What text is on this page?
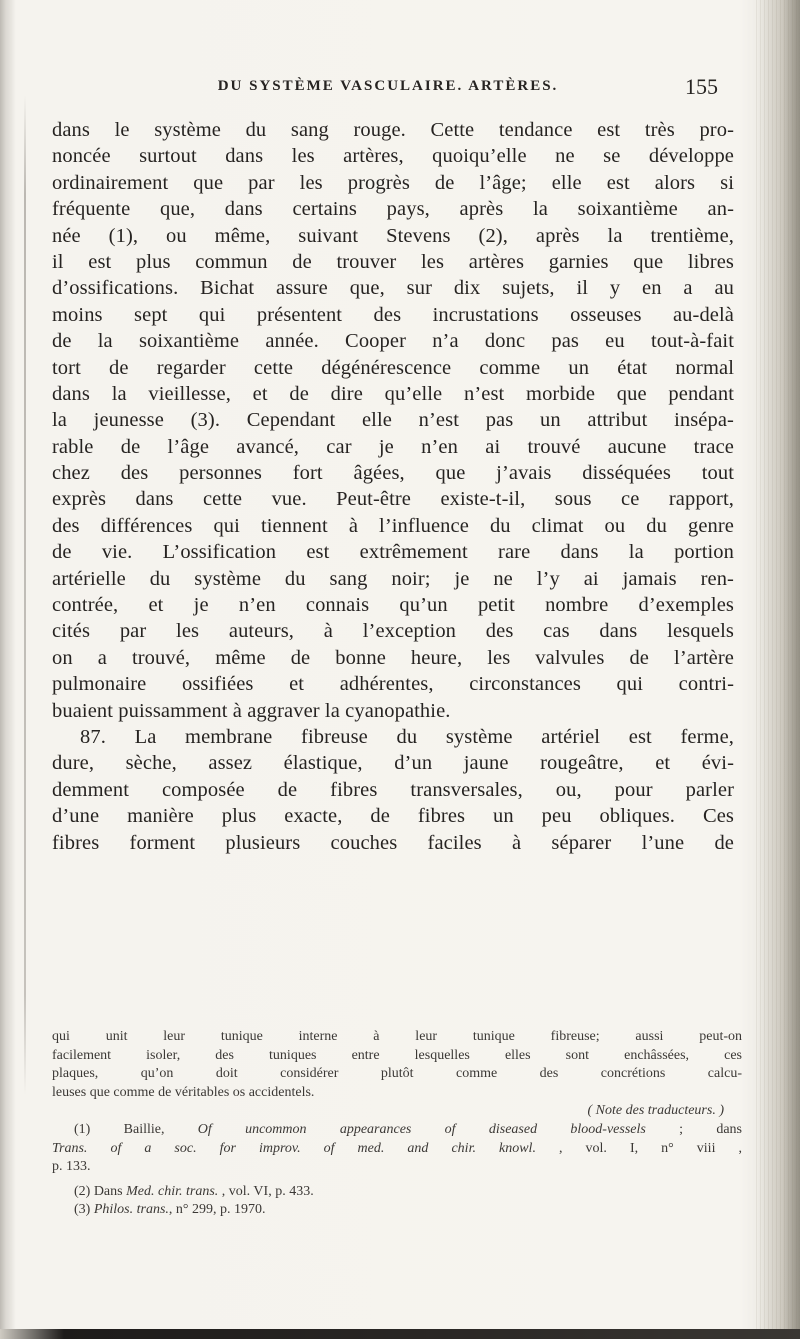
DU SYSTÈME VASCULAIRE. ARTÈRES.	155
dans le système du sang rouge. Cette tendance est très pro-
noncée surtout dans les artères, quoiqu’elle ne se développe
ordinairement que par les progrès de l’âge; elle est alors si
fréquente que, dans certains pays, après la soixantième an-
née (1), ou même, suivant Stevens (2), après la trentième,
il est plus commun de trouver les artères garnies que libres
d’ossifications. Bichat assure que, sur dix sujets, il y en a au
moins sept qui présentent des incrustations osseuses au-delà
de la soixantième année. Cooper n’a donc pas eu tout-à-fait
tort de regarder cette dégénérescence comme un état normal
dans la vieillesse, et de dire qu’elle n’est morbide que pendant
la jeunesse (3). Cependant elle n’est pas un attribut insépa-
rable de l’âge avancé, car je n’en ai trouvé aucune trace
chez des personnes fort âgées, que j’avais disséquées tout
exprès dans cette vue. Peut-être existe-t-il, sous ce rapport,
des différences qui tiennent à l’influence du climat ou du genre
de vie. L’ossification est extrêmement rare dans la portion
artérielle du système du sang noir; je ne l’y ai jamais ren-
contrée, et je n’en connais qu’un petit nombre d’exemples
cités par les auteurs, à l’exception des cas dans lesquels
on a trouvé, même de bonne heure, les valvules de l’artère
pulmonaire ossifiées et adhérentes, circonstances qui contri-
buaient puissamment à aggraver la cyanopathie.
87. La membrane fibreuse du système artériel est ferme,
dure, sèche, assez élastique, d’un jaune rougeâtre, et évi-
demment composée de fibres transversales, ou, pour parler
d’une manière plus exacte, de fibres un peu obliques. Ces
fibres forment plusieurs couches faciles à séparer l’une de
qui unit leur tunique interne à leur tunique fibreuse; aussi peut-on
facilement isoler, des tuniques entre lesquelles elles sont enchâssées, ces
plaques, qu’on doit considérer plutôt comme des concrétions calcu-
leuses que comme de véritables os accidentels.
( Note des traducteurs. )
(1) Baillie, Of uncommon appearances of diseased blood-vessels ; dans
Trans. of a soc. for improv. of med. and chir. knowl. , vol. I, n° viii ,
p. 133.
(2) Dans Med. chir. trans. , vol. VI, p. 433.
(3) Philos. trans., n° 299, p. 1970.
